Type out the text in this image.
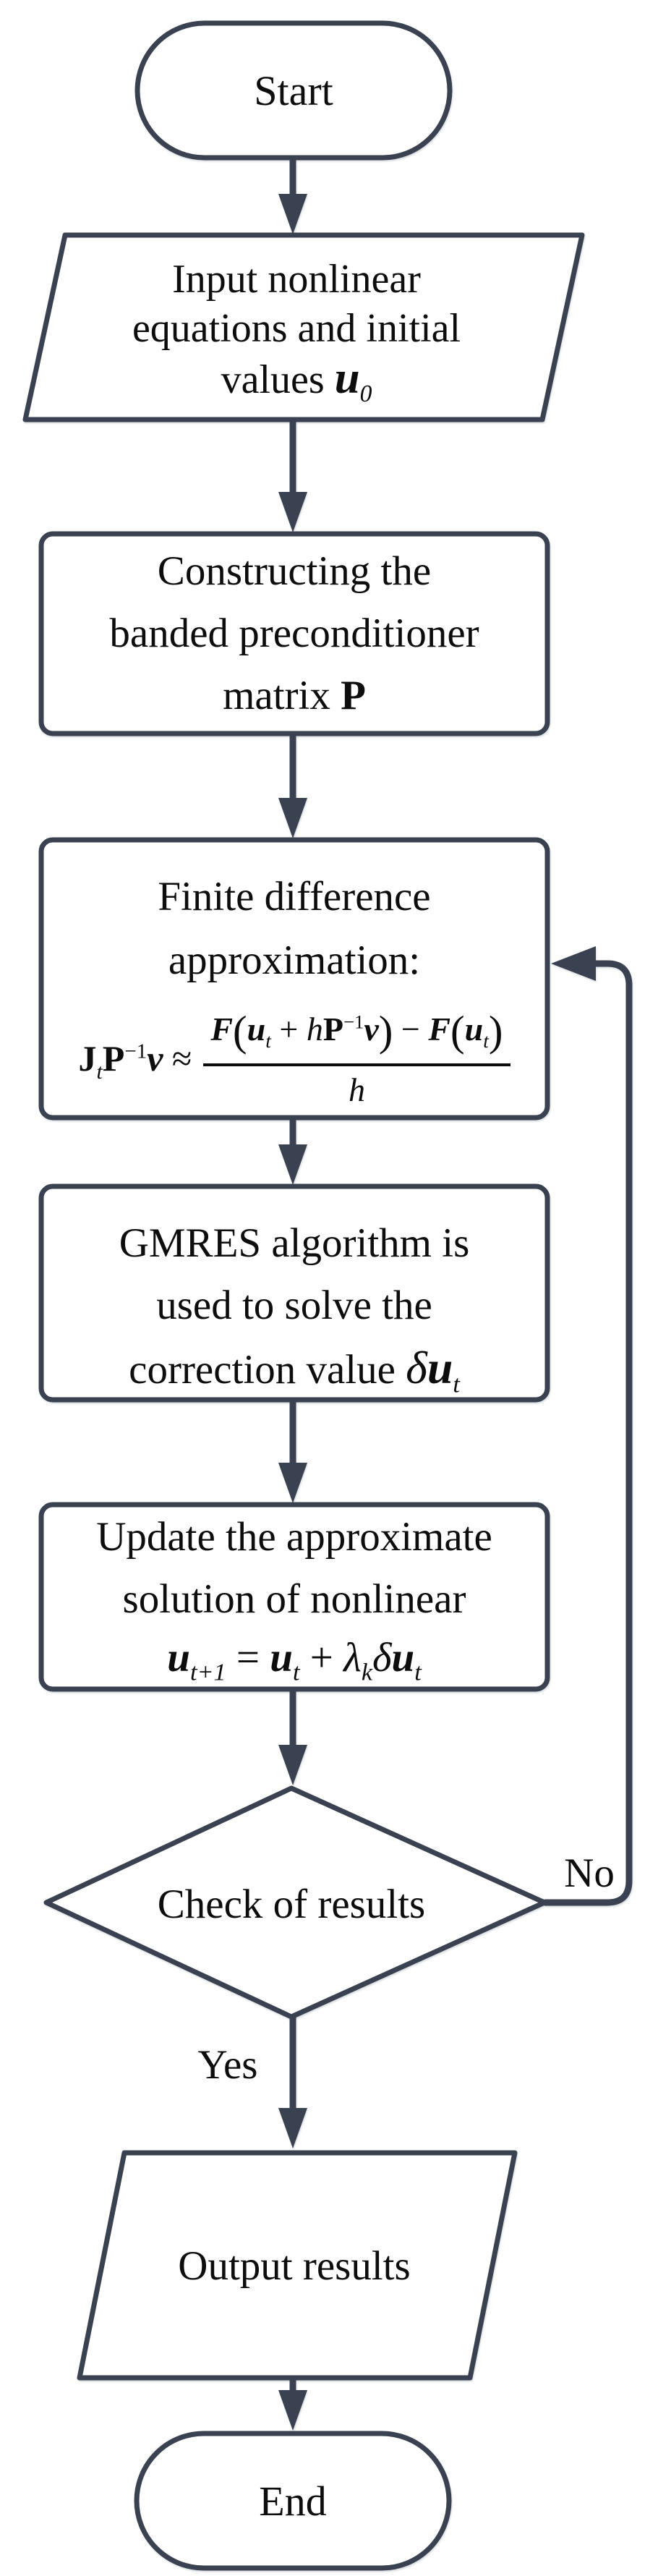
Start
Input nonlinear
equations and initial
values $u_0$
Constructing the
banded preconditioner
matrix P
Finite difference
approximation:
$J_tP^{-1}v \approx \frac{F(u_t + hP^{-1}v) - F(u_t)}{h}$
GMRES algorithm is
used to solve the
correction value $\delta u_t$
Update the approximate
solution of nonlinear
$u_{t+1} = u_t + \lambda_k\delta u_t$
Check of results
No
Yes
Output results
End
